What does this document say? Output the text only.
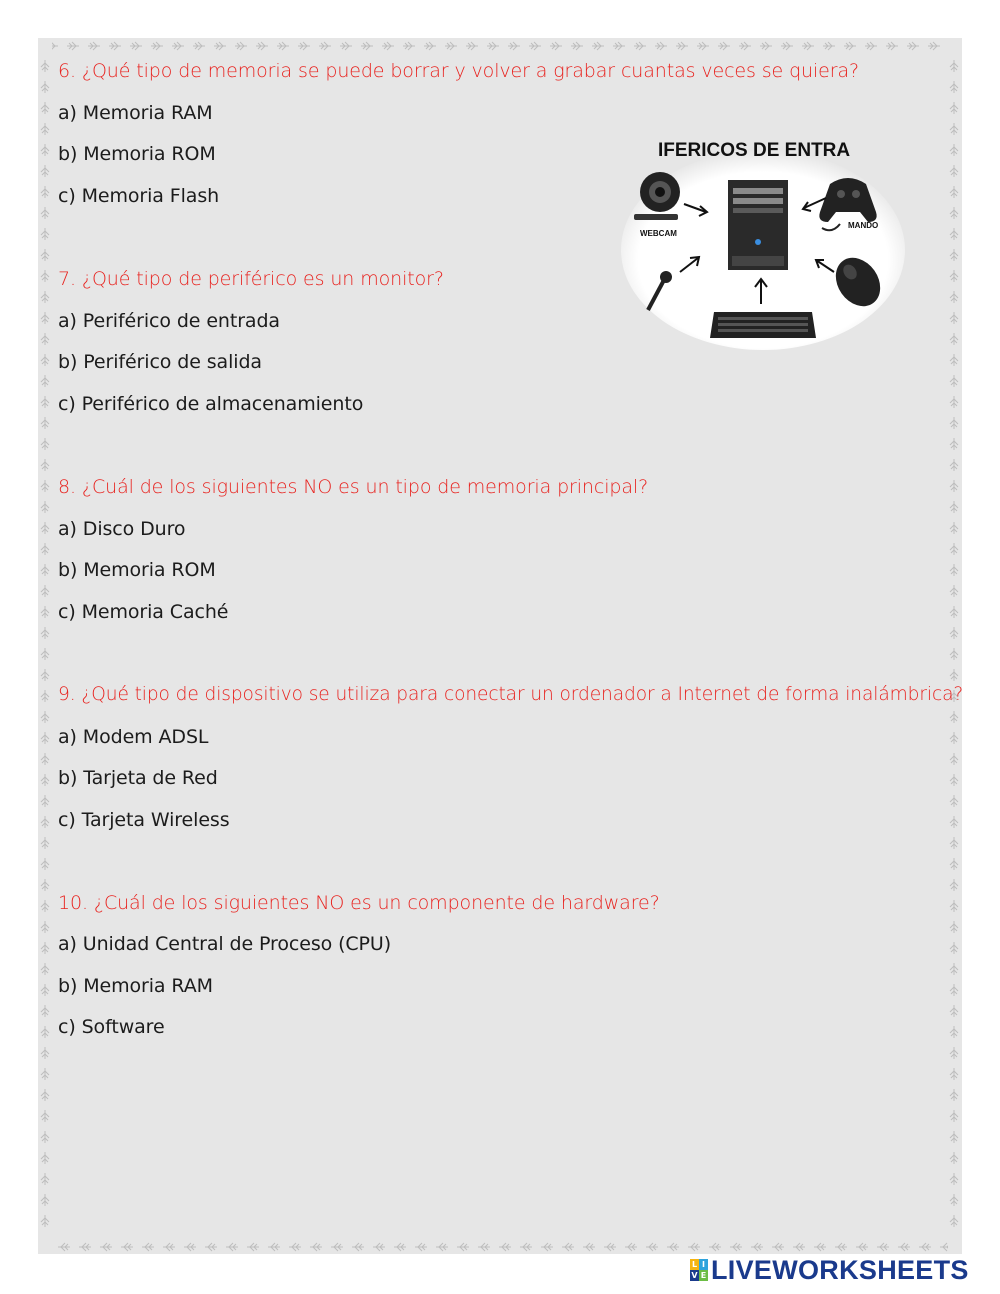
6. ¿Qué tipo de memoria se puede borrar y volver a grabar cuantas veces se quiera?
a) Memoria RAM
b) Memoria ROM
c) Memoria Flash
7. ¿Qué tipo de periférico es un monitor?
a) Periférico de entrada
b) Periférico de salida
c) Periférico de almacenamiento
8. ¿Cuál de los siguientes NO es un tipo de memoria principal?
a) Disco Duro
b) Memoria ROM
c) Memoria Caché
9. ¿Qué tipo de dispositivo se utiliza para conectar un ordenador a Internet de forma inalámbrica?
a) Modem ADSL
b) Tarjeta de Red
c) Tarjeta Wireless
10. ¿Cuál de los siguientes NO es un componente de hardware?
a) Unidad Central de Proceso (CPU)
b) Memoria RAM
c) Software
IFERICOS DE ENTRA
WEBCAM
MANDO
L I
V E LIVEWORKSHEETS
